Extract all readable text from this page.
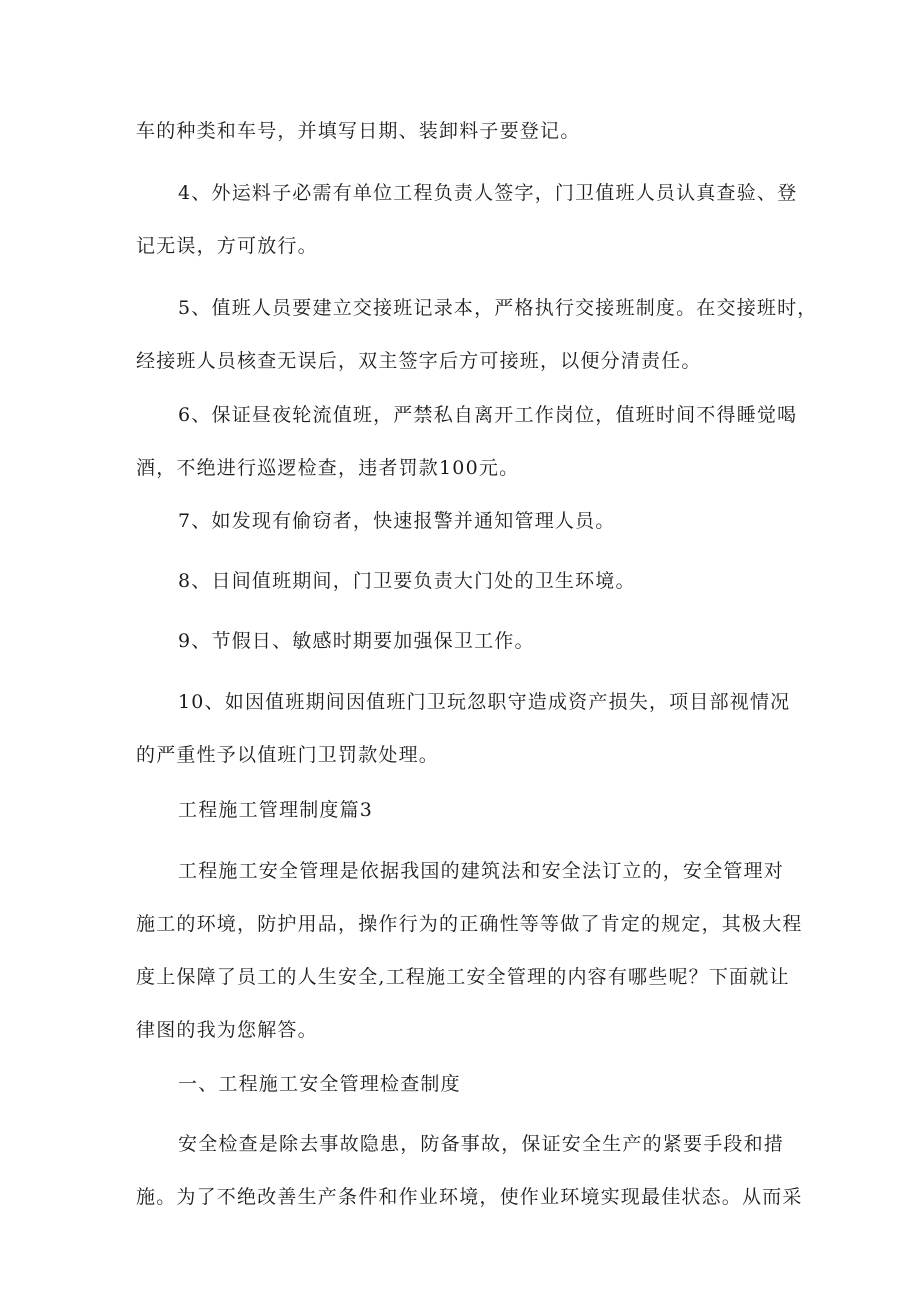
车的种类和车号，并填写日期、装卸料子要登记。

4、外运料子必需有单位工程负责人签字，门卫值班人员认真查验、登
记无误，方可放行。

5、值班人员要建立交接班记录本，严格执行交接班制度。在交接班时，
经接班人员核查无误后，双主签字后方可接班，以便分清责任。

6、保证昼夜轮流值班，严禁私自离开工作岗位，值班时间不得睡觉喝
酒，不绝进行巡逻检查，违者罚款100元。

7、如发现有偷窃者，快速报警并通知管理人员。

8、日间值班期间，门卫要负责大门处的卫生环境。

9、节假日、敏感时期要加强保卫工作。

10、如因值班期间因值班门卫玩忽职守造成资产损失，项目部视情况
的严重性予以值班门卫罚款处理。

工程施工管理制度篇3

工程施工安全管理是依据我国的建筑法和安全法订立的，安全管理对
施工的环境，防护用品，操作行为的正确性等等做了肯定的规定，其极大程
度上保障了员工的人生安全,工程施工安全管理的内容有哪些呢？下面就让
律图的我为您解答。

一、工程施工安全管理检查制度

安全检查是除去事故隐患，防备事故，保证安全生产的紧要手段和措
施。为了不绝改善生产条件和作业环境，使作业环境实现最佳状态。从而采
